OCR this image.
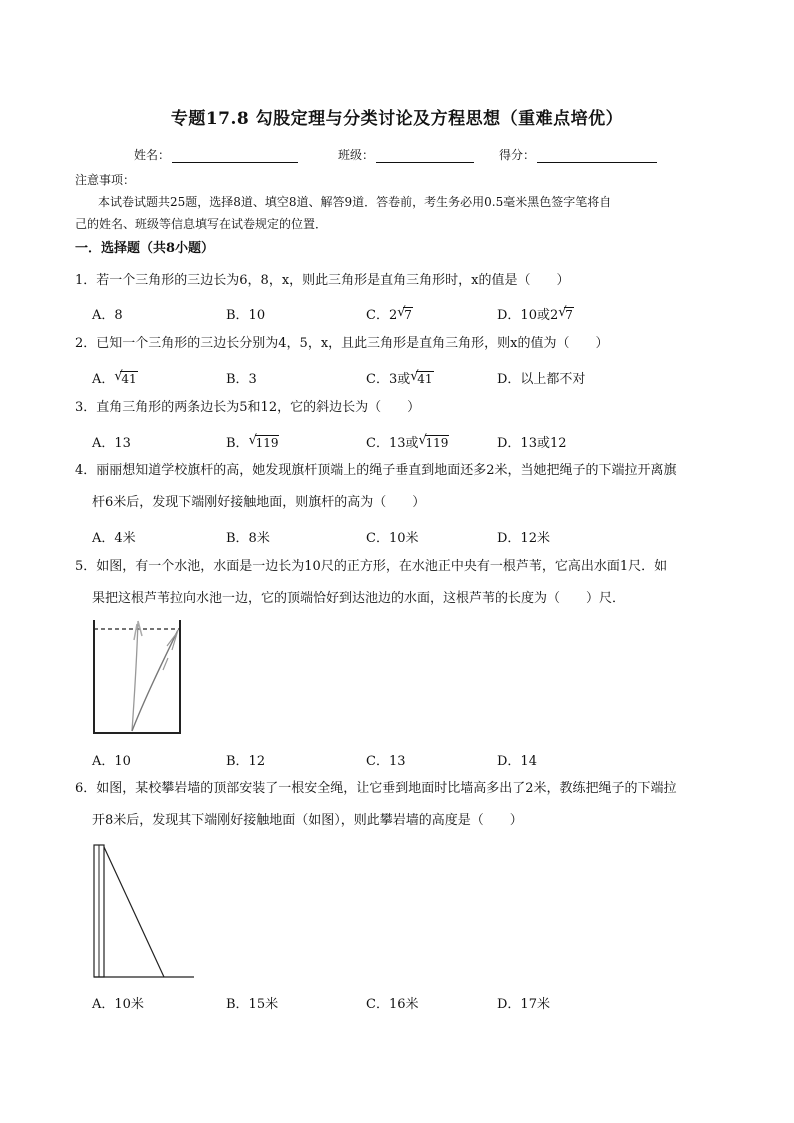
专题17.8 勾股定理与分类讨论及方程思想（重难点培优）
姓名：	班级：	得分：
注意事项：
本试卷试题共25题，选择8道、填空8道、解答9道．答卷前，考生务必用0.5毫米黑色签字笔将自
己的姓名、班级等信息填写在试卷规定的位置．
一．选择题（共8小题）
1．若一个三角形的三边长为6，8，x，则此三角形是直角三角形时，x的值是（　　）
A．8	B．10	C．2 √
7	D．10或2 √
7
2．已知一个三角形的三边长分别为4，5，x，且此三角形是直角三角形，则x的值为（　　）
A． √
41	B．3	C．3或 √
41	D．以上都不对
3．直角三角形的两条边长为5和12，它的斜边长为（　　）
A．13	B． √
119	C．13或 √
119	D．13或12
4．丽丽想知道学校旗杆的高，她发现旗杆顶端上的绳子垂直到地面还多2米，当她把绳子的下端拉开离旗
杆6米后，发现下端刚好接触地面，则旗杆的高为（　　）
A．4米	B．8米	C．10米	D．12米
5．如图，有一个水池，水面是一边长为10尺的正方形，在水池正中央有一根芦苇，它高出水面1尺．如
果把这根芦苇拉向水池一边，它的顶端恰好到达池边的水面，这根芦苇的长度为（　　）尺．
A．10	B．12	C．13	D．14
6．如图，某校攀岩墙的顶部安装了一根安全绳，让它垂到地面时比墙高多出了2米，教练把绳子的下端拉
开8米后，发现其下端刚好接触地面（如图），则此攀岩墙的高度是（　　）
A．10米	B．15米	C．16米	D．17米
